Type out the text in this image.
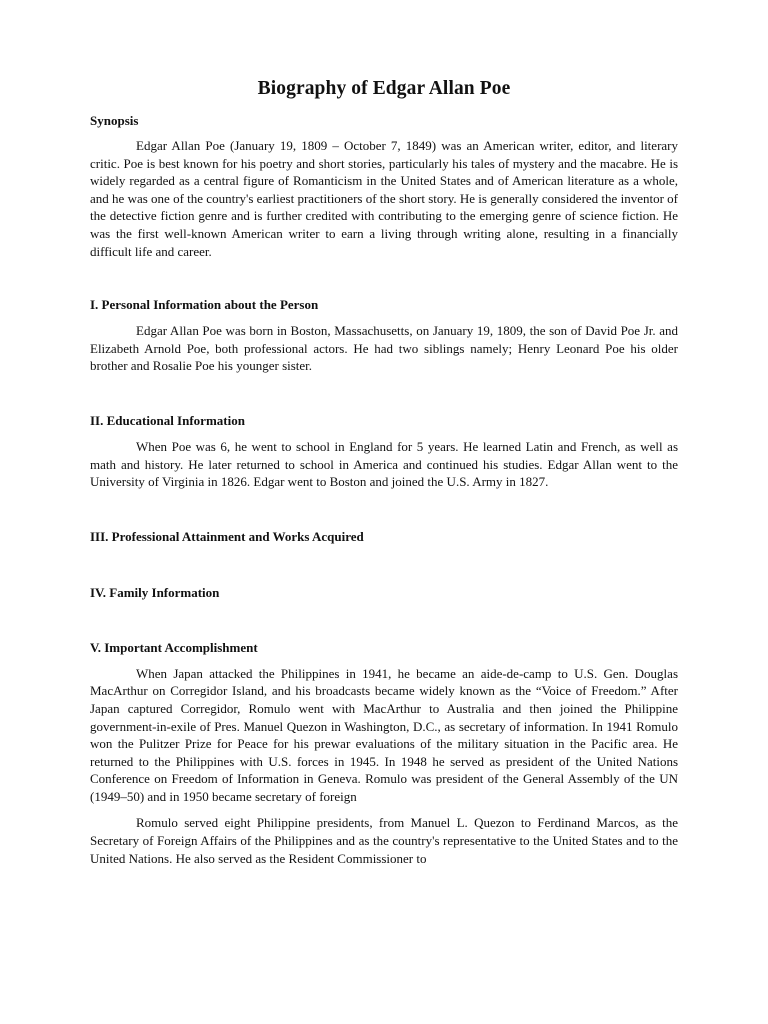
Biography of Edgar Allan Poe
Synopsis

Edgar Allan Poe (January 19, 1809 – October 7, 1849) was an American writer, editor, and literary critic. Poe is best known for his poetry and short stories, particularly his tales of mystery and the macabre. He is widely regarded as a central figure of Romanticism in the United States and of American literature as a whole, and he was one of the country's earliest practitioners of the short story. He is generally considered the inventor of the detective fiction genre and is further credited with contributing to the emerging genre of science fiction. He was the first well-known American writer to earn a living through writing alone, resulting in a financially difficult life and career.

I. Personal Information about the Person

Edgar Allan Poe was born in Boston, Massachusetts, on January 19, 1809, the son of David Poe Jr. and Elizabeth Arnold Poe, both professional actors. He had two siblings namely; Henry Leonard Poe his older brother and Rosalie Poe his younger sister.

II. Educational Information

When Poe was 6, he went to school in England for 5 years. He learned Latin and French, as well as math and history. He later returned to school in America and continued his studies. Edgar Allan went to the University of Virginia in 1826. Edgar went to Boston and joined the U.S. Army in 1827.

III. Professional Attainment and Works Acquired
IV. Family Information
V. Important Accomplishment

When Japan attacked the Philippines in 1941, he became an aide-de-camp to U.S. Gen. Douglas MacArthur on Corregidor Island, and his broadcasts became widely known as the “Voice of Freedom.” After Japan captured Corregidor, Romulo went with MacArthur to Australia and then joined the Philippine government-in-exile of Pres. Manuel Quezon in Washington, D.C., as secretary of information. In 1941 Romulo won the Pulitzer Prize for Peace for his prewar evaluations of the military situation in the Pacific area. He returned to the Philippines with U.S. forces in 1945. In 1948 he served as president of the United Nations Conference on Freedom of Information in Geneva. Romulo was president of the General Assembly of the UN (1949–50) and in 1950 became secretary of foreign

Romulo served eight Philippine presidents, from Manuel L. Quezon to Ferdinand Marcos, as the Secretary of Foreign Affairs of the Philippines and as the country's representative to the United States and to the United Nations. He also served as the Resident Commissioner to
